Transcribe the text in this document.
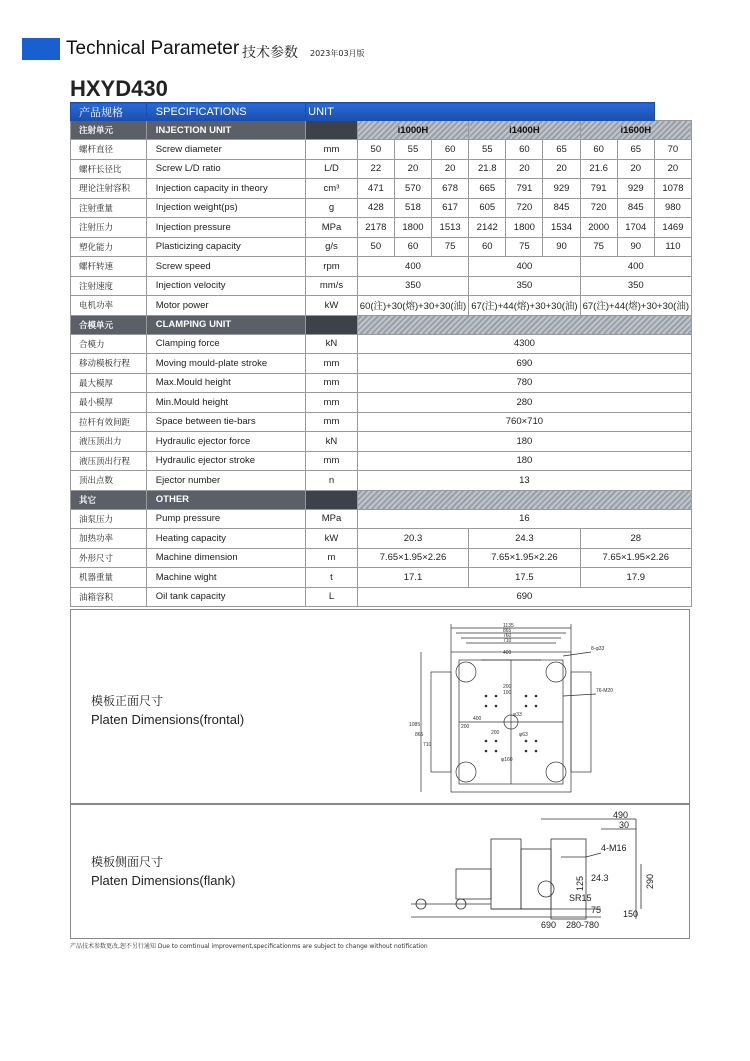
Technical Parameter 技术参数 2023年03月版
HXYD430
产品规格	SPECIFICATIONS	UNIT									
注射单元	INJECTION UNIT		i1000H			i1400H			i1600H		
螺杆直径	Screw diameter	mm	50	55	60	55	60	65	60	65	70
螺杆长径比	Screw L/D ratio	L/D	22	20	20	21.8	20	20	21.6	20	20
理论注射容积	Injection capacity in theory	cm³	471	570	678	665	791	929	791	929	1078
注射重量	Injection weight(ps)	g	428	518	617	605	720	845	720	845	980
注射压力	Injection pressure	MPa	2178	1800	1513	2142	1800	1534	2000	1704	1469
塑化能力	Plasticizing capacity	g/s	50	60	75	60	75	90	75	90	110
螺杆转速	Screw speed	rpm	400			400			400		
注射速度	Injection velocity	mm/s	350			350			350		
电机功率	Motor power	kW	60(注)+30(熔)+30+30(油)			67(注)+44(熔)+30+30(油)			67(注)+44(熔)+30+30(油)		
合模单元	CLAMPING UNIT										
合模力	Clamping force	kN	4300								
移动模板行程	Moving mould-plate stroke	mm	690								
最大模厚	Max.Mould height	mm	780								
最小模厚	Min.Mould height	mm	280								
拉杆有效间距	Space between tie-bars	mm	760×710								
液压顶出力	Hydraulic ejector force	kN	180								
液压顶出行程	Hydraulic ejector stroke	mm	180								
顶出点数	Ejector number	n	13								
其它	OTHER										
油泵压力	Pump pressure	MPa	16								
加热功率	Heating capacity	kW	20.3			24.3			28		
外形尺寸	Machine dimension	m	7.65×1.95×2.26			7.65×1.95×2.26			7.65×1.95×2.26		
机器重量	Machine wight	t	17.1			17.5			17.9		
油箱容积	Oil tank capacity	L	690								
模板正面尺寸
Platen Dimensions(frontal)
1135
865
760
710
400
200
100
φ33
8-φ33
76-M20
1085
865
710
φ63
200
400
200
φ160
模板侧面尺寸
Platen Dimensions(flank)
490
30
4-M16
290
24.3
125
SR15
75 150
690 280-780
产品技术参数更改,恕不另行通知 Due to comtinual improvement,specificationms are subject to change without notification
